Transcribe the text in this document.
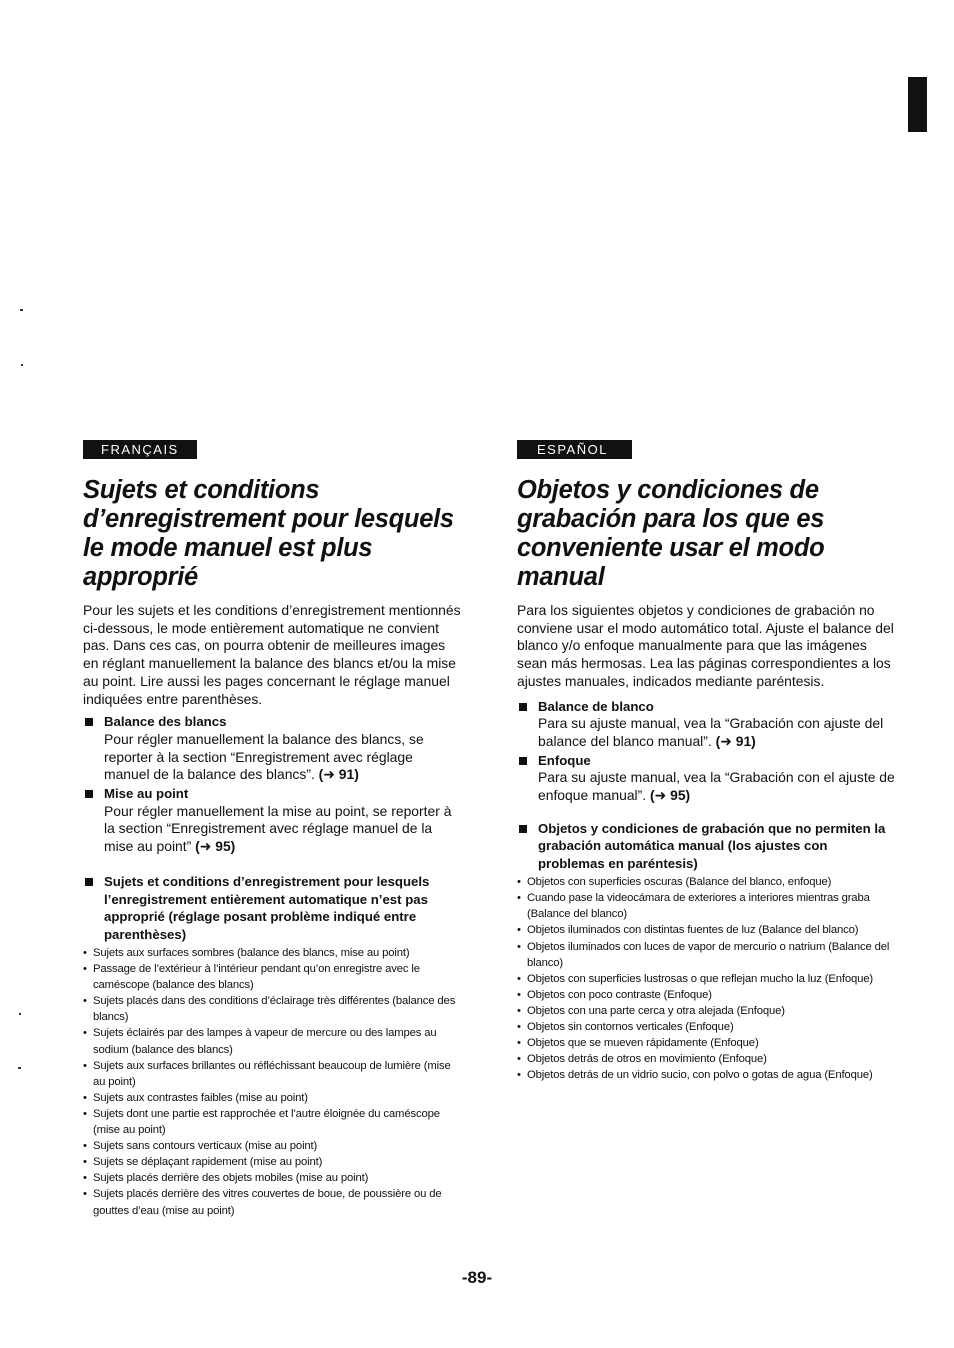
FRANÇAIS
Sujets et conditions d’enregistrement pour lesquels le mode manuel est plus approprié

Pour les sujets et les conditions d’enregistrement mentionnés ci-dessous, le mode entièrement automatique ne convient pas. Dans ces cas, on pourra obtenir de meilleures images en réglant manuellement la balance des blancs et/ou la mise au point. Lire aussi les pages concernant le réglage manuel indiquées entre parenthèses.

Balance des blancs
Pour régler manuellement la balance des blancs, se reporter à la section “Enregistrement avec réglage manuel de la balance des blancs”. (➜ 91)
Mise au point
Pour régler manuellement la mise au point, se reporter à la section “Enregistrement avec réglage manuel de la mise au point” (➜ 95)
Sujets et conditions d’enregistrement pour lesquels l’enregistrement entièrement automatique n’est pas approprié (réglage posant problème indiqué entre parenthèses)
• Sujets aux surfaces sombres (balance des blancs, mise au point)
• Passage de l’extérieur à l’intérieur pendant qu’on enregistre avec le caméscope (balance des blancs)
• Sujets placés dans des conditions d’éclairage très différentes (balance des blancs)
• Sujets éclairés par des lampes à vapeur de mercure ou des lampes au sodium (balance des blancs)
• Sujets aux surfaces brillantes ou réfléchissant beaucoup de lumière (mise au point)
• Sujets aux contrastes faibles (mise au point)
• Sujets dont une partie est rapprochée et l’autre éloignée du caméscope (mise au point)
• Sujets sans contours verticaux (mise au point)
• Sujets se déplaçant rapidement (mise au point)
• Sujets placés derrière des objets mobiles (mise au point)
• Sujets placés derrière des vitres couvertes de boue, de poussière ou de gouttes d’eau (mise au point)
ESPAÑOL
Objetos y condiciones de grabación para los que es conveniente usar el modo manual

Para los siguientes objetos y condiciones de grabación no conviene usar el modo automático total. Ajuste el balance del blanco y/o enfoque manualmente para que las imágenes sean más hermosas. Lea las páginas correspondientes a los ajustes manuales, indicados mediante paréntesis.

Balance de blanco
Para su ajuste manual, vea la “Grabación con ajuste del balance del blanco manual”. (➜ 91)
Enfoque
Para su ajuste manual, vea la “Grabación con el ajuste de enfoque manual”. (➜ 95)
Objetos y condiciones de grabación que no permiten la grabación automática manual (los ajustes con problemas en paréntesis)
• Objetos con superficies oscuras (Balance del blanco, enfoque)
• Cuando pase la videocámara de exteriores a interiores mientras graba (Balance del blanco)
• Objetos iluminados con distintas fuentes de luz (Balance del blanco)
• Objetos iluminados con luces de vapor de mercurio o natrium (Balance del blanco)
• Objetos con superficies lustrosas o que reflejan mucho la luz (Enfoque)
• Objetos con poco contraste (Enfoque)
• Objetos con una parte cerca y otra alejada (Enfoque)
• Objetos sin contornos verticales (Enfoque)
• Objetos que se mueven rápidamente (Enfoque)
• Objetos detrás de otros en movimiento (Enfoque)
• Objetos detrás de un vidrio sucio, con polvo o gotas de agua (Enfoque)
-89-
